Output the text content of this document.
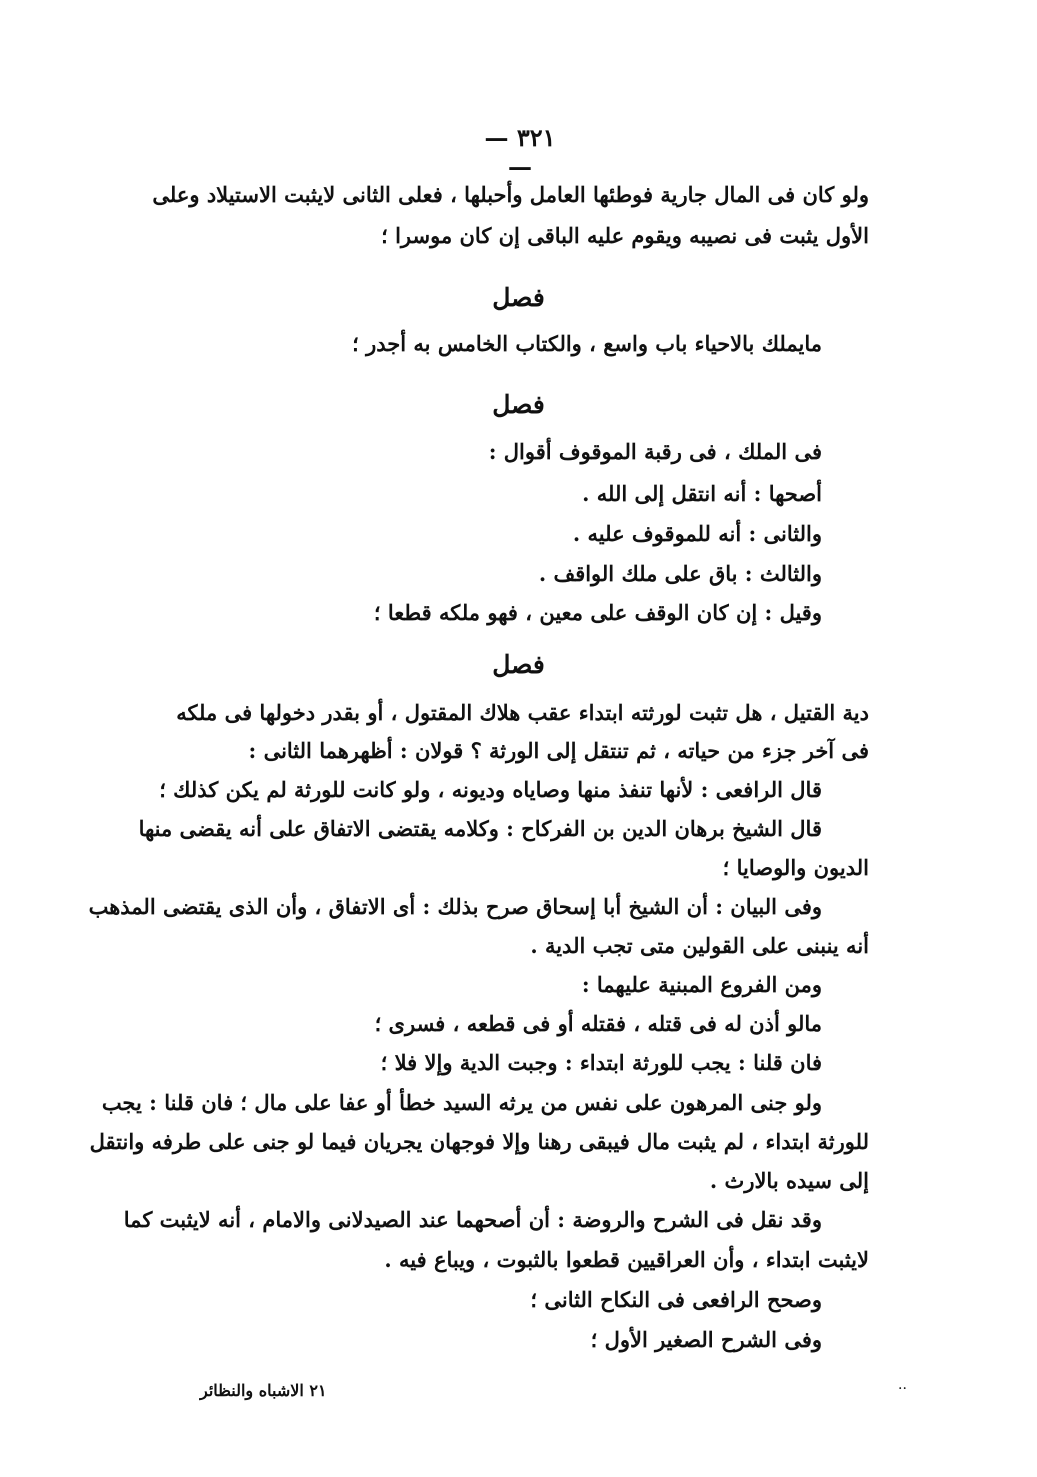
— ٣٢١ —
ولو كان فى المال جارية فوطئها العامل وأحبلها ، فعلى الثانى لايثبت الاستيلاد وعلى
الأول يثبت فى نصيبه ويقوم عليه الباقى إن كان موسرا ؛
فصل
مايملك بالاحياء باب واسع ، والكتاب الخامس به أجدر ؛
فصل
فى الملك ، فى رقبة الموقوف أقوال :
أصحها : أنه انتقل إلى الله .
والثانى : أنه للموقوف عليه .
والثالث : باق على ملك الواقف .
وقيل : إن كان الوقف على معين ، فهو ملكه قطعا ؛
فصل
دية القتيل ، هل تثبت لورثته ابتداء عقب هلاك المقتول ، أو بقدر دخولها فى ملكه
فى آخر جزء من حياته ، ثم تنتقل إلى الورثة ؟ قولان : أظهرهما الثانى :
قال الرافعى : لأنها تنفذ منها وصاياه وديونه ، ولو كانت للورثة لم يكن كذلك ؛
قال الشيخ برهان الدين بن الفركاح : وكلامه يقتضى الاتفاق على أنه يقضى منها
الديون والوصايا ؛
وفى البيان : أن الشيخ أبا إسحاق صرح بذلك : أى الاتفاق ، وأن الذى يقتضى المذهب
أنه ينبنى على القولين متى تجب الدية .
ومن الفروع المبنية عليهما :
مالو أذن له فى قتله ، فقتله أو فى قطعه ، فسرى ؛
فان قلنا : يجب للورثة ابتداء : وجبت الدية وإلا فلا ؛
ولو جنى المرهون على نفس من يرثه السيد خطأ أو عفا على مال ؛ فان قلنا : يجب
للورثة ابتداء ، لم يثبت مال فيبقى رهنا وإلا فوجهان يجريان فيما لو جنى على طرفه وانتقل
إلى سيده بالارث .
وقد نقل فى الشرح والروضة : أن أصحهما عند الصيدلانى والامام ، أنه لايثبت كما
لايثبت ابتداء ، وأن العراقيين قطعوا بالثبوت ، ويباع فيه .
وصحح الرافعى فى النكاح الثانى ؛
وفى الشرح الصغير الأول ؛
٢١ الاشباه والنظائر	··
